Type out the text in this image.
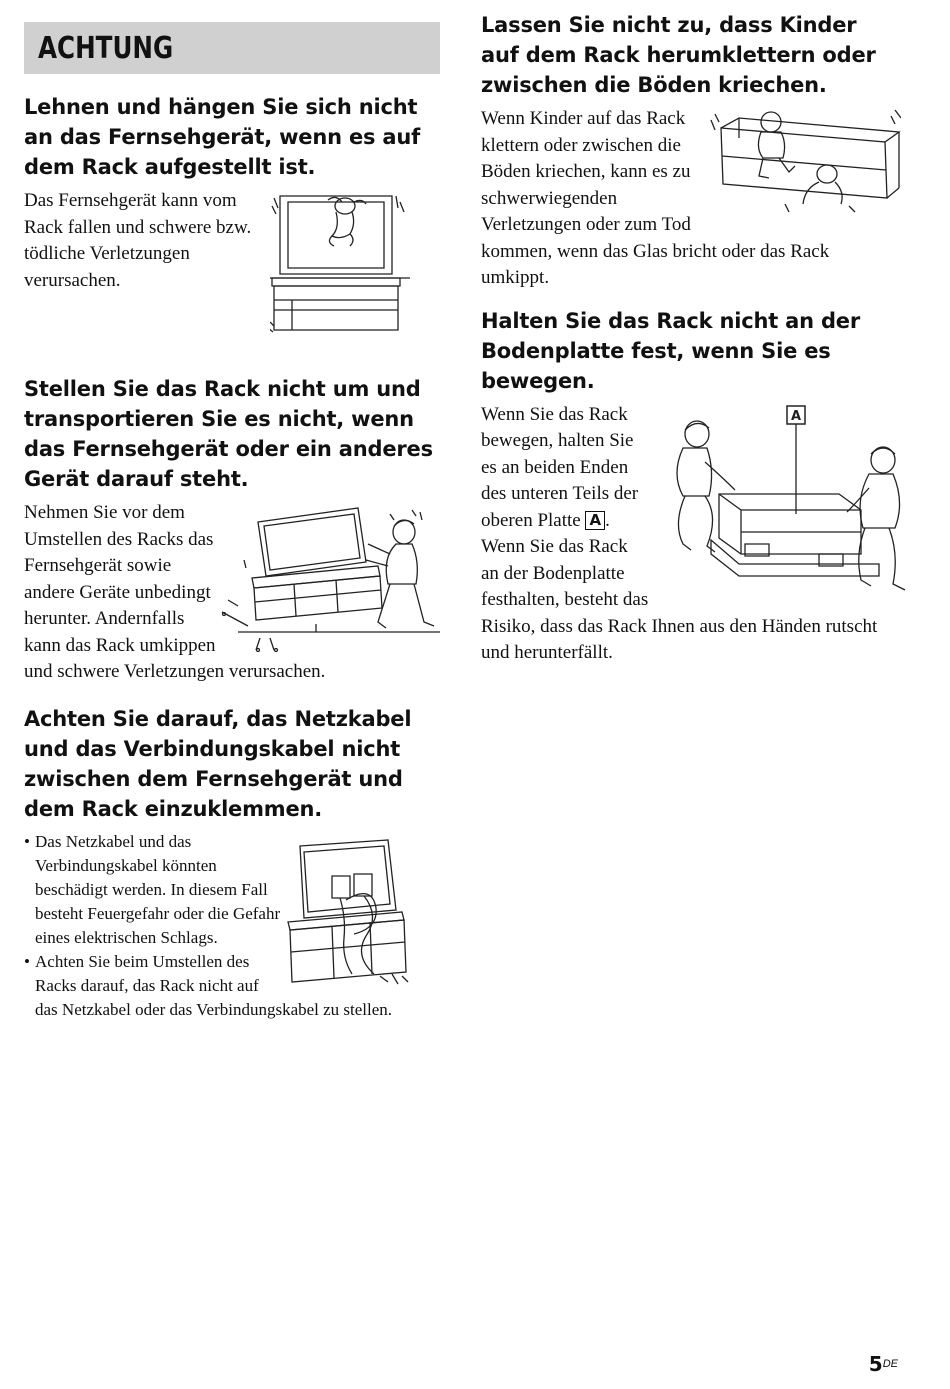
ACHTUNG
Lehnen und hängen Sie sich nicht an das Fernsehgerät, wenn es auf dem Rack aufgestellt ist.

Das Fernsehgerät kann vom Rack fallen und schwere bzw. tödliche Verletzungen verursachen.

Stellen Sie das Rack nicht um und transportieren Sie es nicht, wenn das Fernsehgerät oder ein anderes Gerät darauf steht.

Nehmen Sie vor dem Umstellen des Racks das Fernsehgerät sowie andere Geräte unbedingt herunter. Andernfalls kann das Rack umkippen und schwere Verletzungen verursachen.

Achten Sie darauf, das Netzkabel und das Verbindungskabel nicht zwischen dem Fernsehgerät und dem Rack einzuklemmen.
• Das Netzkabel und das Verbindungskabel könnten beschädigt werden. In diesem Fall besteht Feuergefahr oder die Gefahr eines elektrischen Schlags.
• Achten Sie beim Umstellen des Racks darauf, das Rack nicht auf das Netzkabel oder das Verbindungskabel zu stellen.
Lassen Sie nicht zu, dass Kinder auf dem Rack herumklettern oder zwischen die Böden kriechen.

Wenn Kinder auf das Rack klettern oder zwischen die Böden kriechen, kann es zu schwerwiegenden Verletzungen oder zum Tod kommen, wenn das Glas bricht oder das Rack umkippt.

Halten Sie das Rack nicht an der Bodenplatte fest, wenn Sie es bewegen.
A

Wenn Sie das Rack bewegen, halten Sie es an beiden Enden des unteren Teils der oberen Platte A . Wenn Sie das Rack an der Bodenplatte festhalten, besteht das Risiko, dass das Rack Ihnen aus den Händen rutscht und herunterfällt.

5DE
